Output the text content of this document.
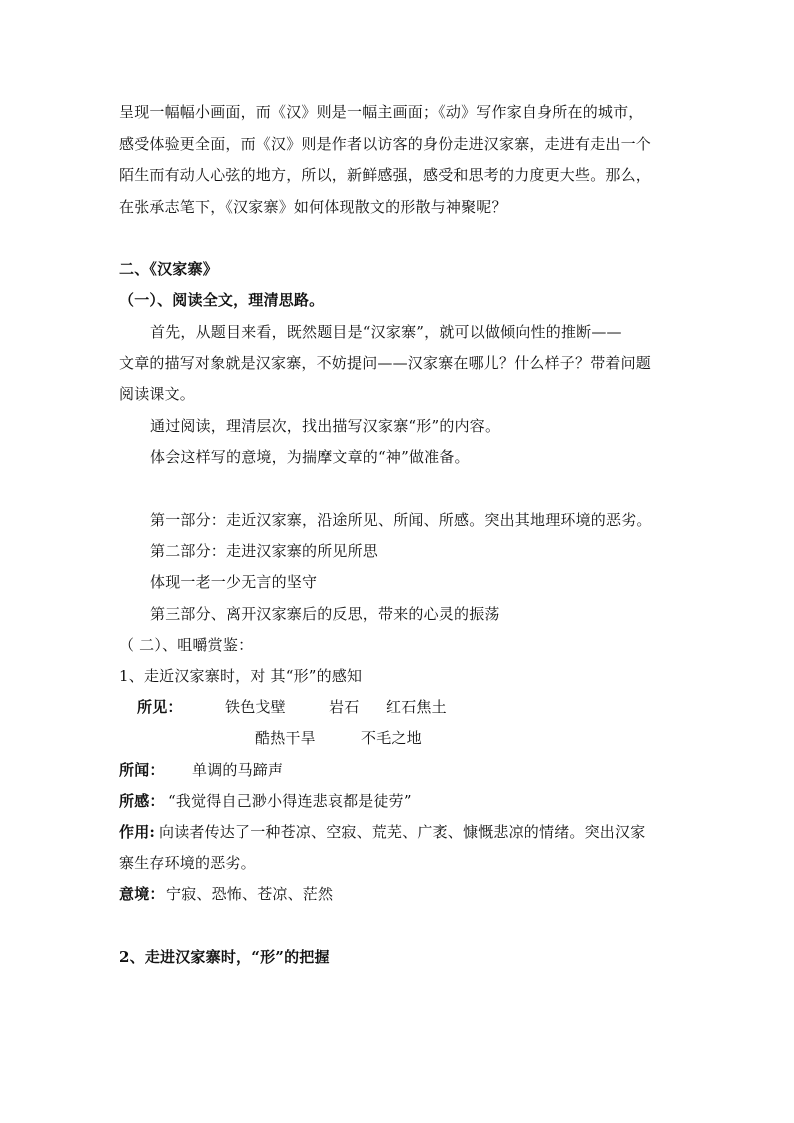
呈现一幅幅小画面，而《汉》则是一幅主画面；《动》写作家自身所在的城市，
感受体验更全面，而《汉》则是作者以访客的身份走进汉家寨，走进有走出一个
陌生而有动人心弦的地方，所以，新鲜感强，感受和思考的力度更大些。那么，
在张承志笔下，《汉家寨》如何体现散文的形散与神聚呢？
二、《汉家寨》
（一）、阅读全文，理清思路。
首先，从题目来看，既然题目是“汉家寨”，就可以做倾向性的推断——
文章的描写对象就是汉家寨，不妨提问——汉家寨在哪儿？什么样子？带着问题
阅读课文。
通过阅读，理清层次，找出描写汉家寨“形”的内容。
体会这样写的意境，为揣摩文章的“神”做准备。
第一部分：走近汉家寨，沿途所见、所闻、所感。突出其地理环境的恶劣。
第二部分：走进汉家寨的所见所思
体现一老一少无言的坚守
第三部分、离开汉家寨后的反思，带来的心灵的振荡
（ 二）、咀嚼赏鉴：
1、走近汉家寨时，对 其“形”的感知
所见：	铁色戈壁	岩石 红石焦土
酷热干旱	不毛之地
所闻： 单调的马蹄声
所感： “我觉得自己渺小得连悲哀都是徒劳”
作用: 向读者传达了一种苍凉、空寂、荒芜、广袤、慷慨悲凉的情绪。突出汉家
寨生存环境的恶劣。
意境： 宁寂、恐怖、苍凉、茫然
2、走进汉家寨时，“形”的把握
